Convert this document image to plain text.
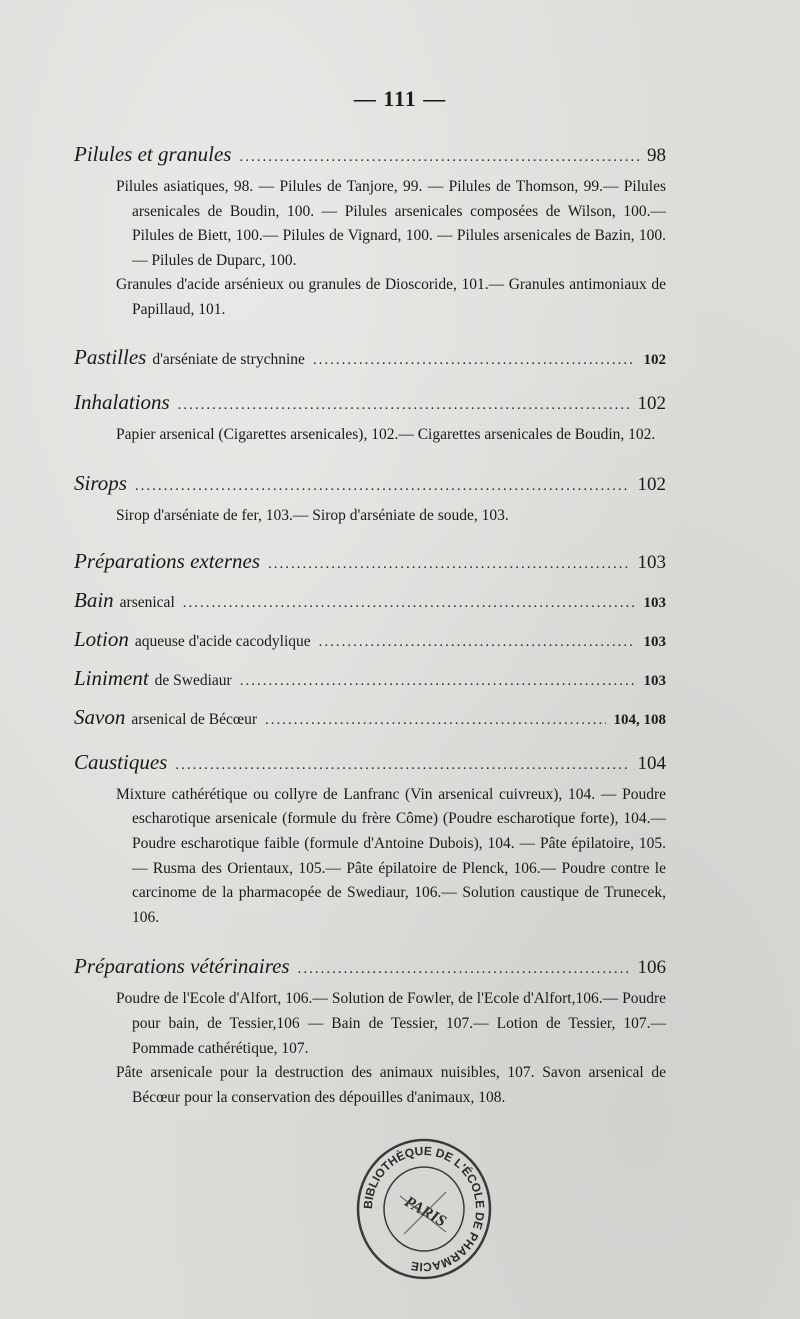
— 111 —
Pilules et granules .....	98

Pilules asiatiques, 98. — Pilules de Tanjore, 99. — Pilules de Thomson, 99.— Pilules arsenicales de Boudin, 100. — Pilules arsenicales composées de Wilson, 100.— Pilules de Biett, 100.— Pilules de Vignard, 100. — Pilules arsenicales de Bazin, 100. — Pilules de Duparc, 100.

Granules d'acide arsénieux ou granules de Dioscoride, 101.— Granules antimoniaux de Papillaud, 101.

Pastilles d'arséniate de strychnine .....	102
Inhalations .....	102

Papier arsenical (Cigarettes arsenicales), 102.— Cigarettes arsenicales de Boudin, 102.

Sirops .....	102

Sirop d'arséniate de fer, 103.— Sirop d'arséniate de soude, 103.

Préparations externes .....	103
Bain arsenical .....	103
Lotion aqueuse d'acide cacodylique .....	103
Liniment de Swediaur .....	103
Savon arsenical de Bécœur .....	104, 108
Caustiques .....	104

Mixture cathérétique ou collyre de Lanfranc (Vin arsenical cuivreux), 104. — Poudre escharotique arsenicale (formule du frère Côme) (Poudre escharotique forte), 104.— Poudre escharotique faible (formule d'Antoine Dubois), 104. — Pâte épilatoire, 105.— Rusma des Orientaux, 105.— Pâte épilatoire de Plenck, 106.— Poudre contre le carcinome de la pharmacopée de Swediaur, 106.— Solution caustique de Trunecek, 106.

Préparations vétérinaires .....	106

Poudre de l'Ecole d'Alfort, 106.— Solution de Fowler, de l'Ecole d'Alfort,106.— Poudre pour bain, de Tessier,106 — Bain de Tessier, 107.— Lotion de Tessier, 107.— Pommade cathérétique, 107.

Pâte arsenicale pour la destruction des animaux nuisibles, 107. Savon arsenical de Bécœur pour la conservation des dépouilles d'animaux, 108.

BIBLIOTHÈQUE DE L'ÉCOLE DE PHARMACIE
PARIS
